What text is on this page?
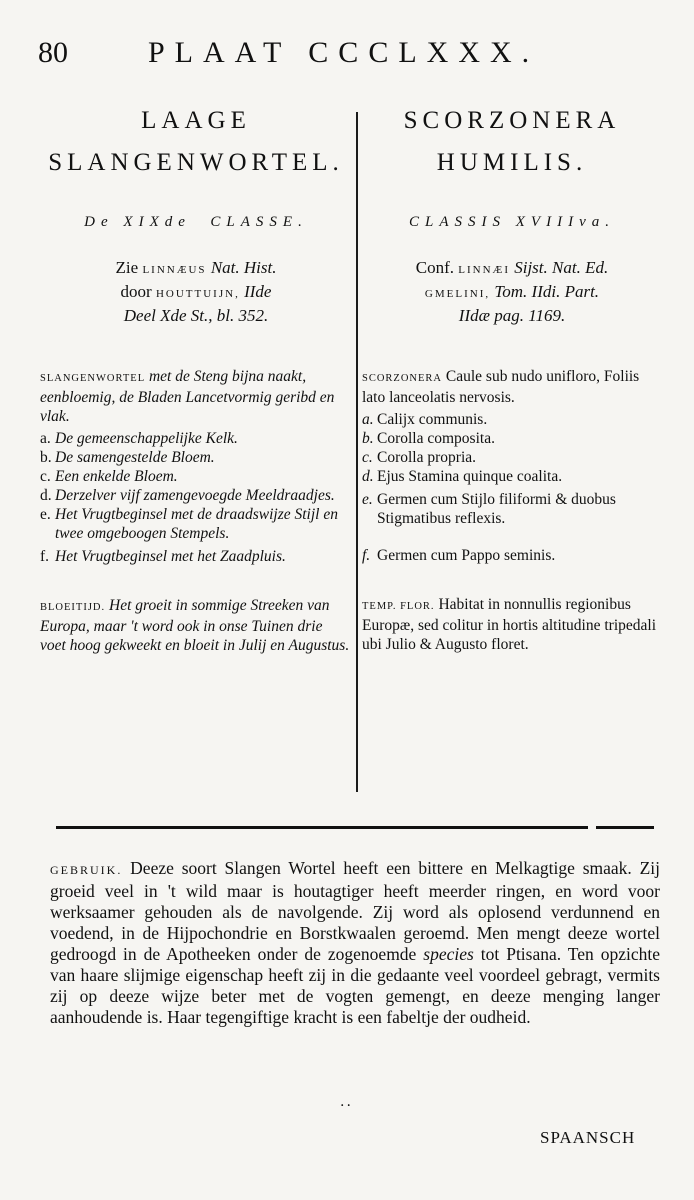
80	PLAAT CCCLXXX.
LAAGE
SLANGENWORTEL.
De XIXde CLASSE.
Zie LINNÆUS Nat. Hist.
door HOUTTUIJN, IIde
Deel Xde St., bl. 352.
SLANGENWORTEL met de Steng bijna naakt, eenbloemig, de Bladen Lancetvormig geribd en vlak.
a. De gemeenschappelijke Kelk.
b. De samengestelde Bloem.
c. Een enkelde Bloem.
d. Derzelver vijf zamengevoegde Meeldraadjes.
e. Het Vrugtbeginsel met de draadswijze Stijl en twee omgeboogen Stempels.
f. Het Vrugtbeginsel met het Zaadpluis.
BLOEITIJD. Het groeit in sommige Streeken van Europa, maar 't word ook in onse Tuinen drie voet hoog gekweekt en bloeit in Julij en Augustus.
SCORZONERA
HUMILIS.
CLASSIS XVIIIva.
Conf. LINNÆI Sijst. Nat. Ed.
GMELINI, Tom. IIdi. Part.
IIdæ pag. 1169.
SCORZONERA Caule sub nudo unifloro, Foliis lato lanceolatis nervosis.
a. Calijx communis.
b. Corolla composita.
c. Corolla propria.
d. Ejus Stamina quinque coalita.
e. Germen cum Stijlo filiformi & duobus Stigmatibus reflexis.
f. Germen cum Pappo seminis.
TEMP. FLOR. Habitat in nonnullis regionibus Europæ, sed colitur in hortis altitudine tripedali ubi Julio & Augusto floret.
GEBRUIK. Deeze soort Slangen Wortel heeft een bittere en Melkagtige smaak. Zij groeid veel in 't wild maar is houtagtiger heeft meerder ringen, en word voor werksaamer gehouden als de navolgende. Zij word als oplosend verdunnend en voedend, in de Hijpochondrie en Borstkwaalen geroemd. Men mengt deeze wortel gedroogd in de Apotheeken onder de zogenoemde species tot Ptisana. Ten opzichte van haare slijmige eigenschap heeft zij in die gedaante veel voordeel gebragt, vermits zij op deeze wijze beter met de vogten gemengt, en deeze menging langer aanhoudende is. Haar tegengiftige kracht is een fabeltje der oudheid.
..
SPAANSCH
